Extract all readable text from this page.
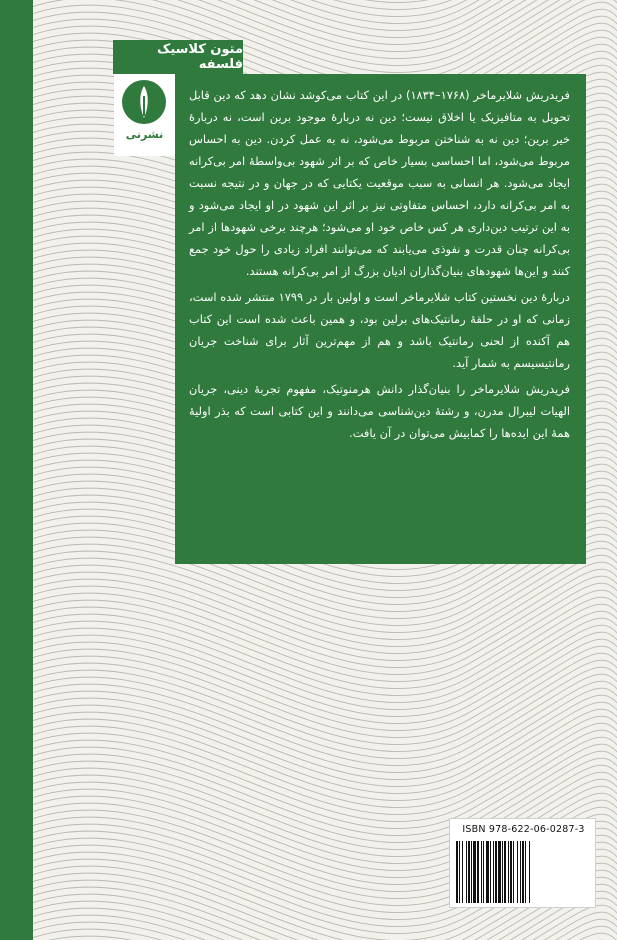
متون کلاسیک فلسفه
نشرنی

فریدریش شلایرماخر (۱۷۶۸–۱۸۳۴) در این کتاب می‌کوشد نشان دهد که دین قابل تحویل به متافیزیک یا اخلاق نیست؛ دین نه دربارهٔ موجود برین است، نه دربارهٔ خیر برین؛ دین نه به شناختن مربوط می‌شود، نه به عمل کردن. دین به احساس مربوط می‌شود، اما احساسی بسیار خاص که بر اثر شهود بی‌واسطهٔ امر بی‌کرانه ایجاد می‌شود. هر انسانی به سبب موقعیت یکتایی که در جهان و در نتیجه نسبت به امر بی‌کرانه دارد، احساس متفاوتی نیز بر اثر این شهود در او ایجاد می‌شود و به این ترتیب دین‌داری هر کس خاص خود او می‌شود؛ هرچند برخی شهودها از امر بی‌کرانه چنان قدرت و نفوذی می‌یابند که می‌توانند افراد زیادی را حول خود جمع کنند و این‌ها شهودهای بنیان‌گذاران ادیان بزرگ از امر بی‌کرانه هستند.

دربارهٔ دین نخستین کتاب شلایرماخر است و اولین بار در ۱۷۹۹ منتشر شده است، زمانی که او در حلقهٔ رمانتیک‌های برلین بود، و همین باعث شده است این کتاب هم آکنده از لحنی رمانتیک باشد و هم از مهم‌ترین آثار برای شناخت جریان رمانتیسیسم به شمار آید.

فریدریش شلایرماخر را بنیان‌گذار دانش هرمنوتیک، مفهوم تجربهٔ دینی، جریان الهیات لیبرال مدرن، و رشتهٔ دین‌شناسی می‌دانند و این کتابی است که بذر اولیهٔ همهٔ این ایده‌ها را کمابیش می‌توان در آن یافت.

ISBN 978-622-06-0287-3
